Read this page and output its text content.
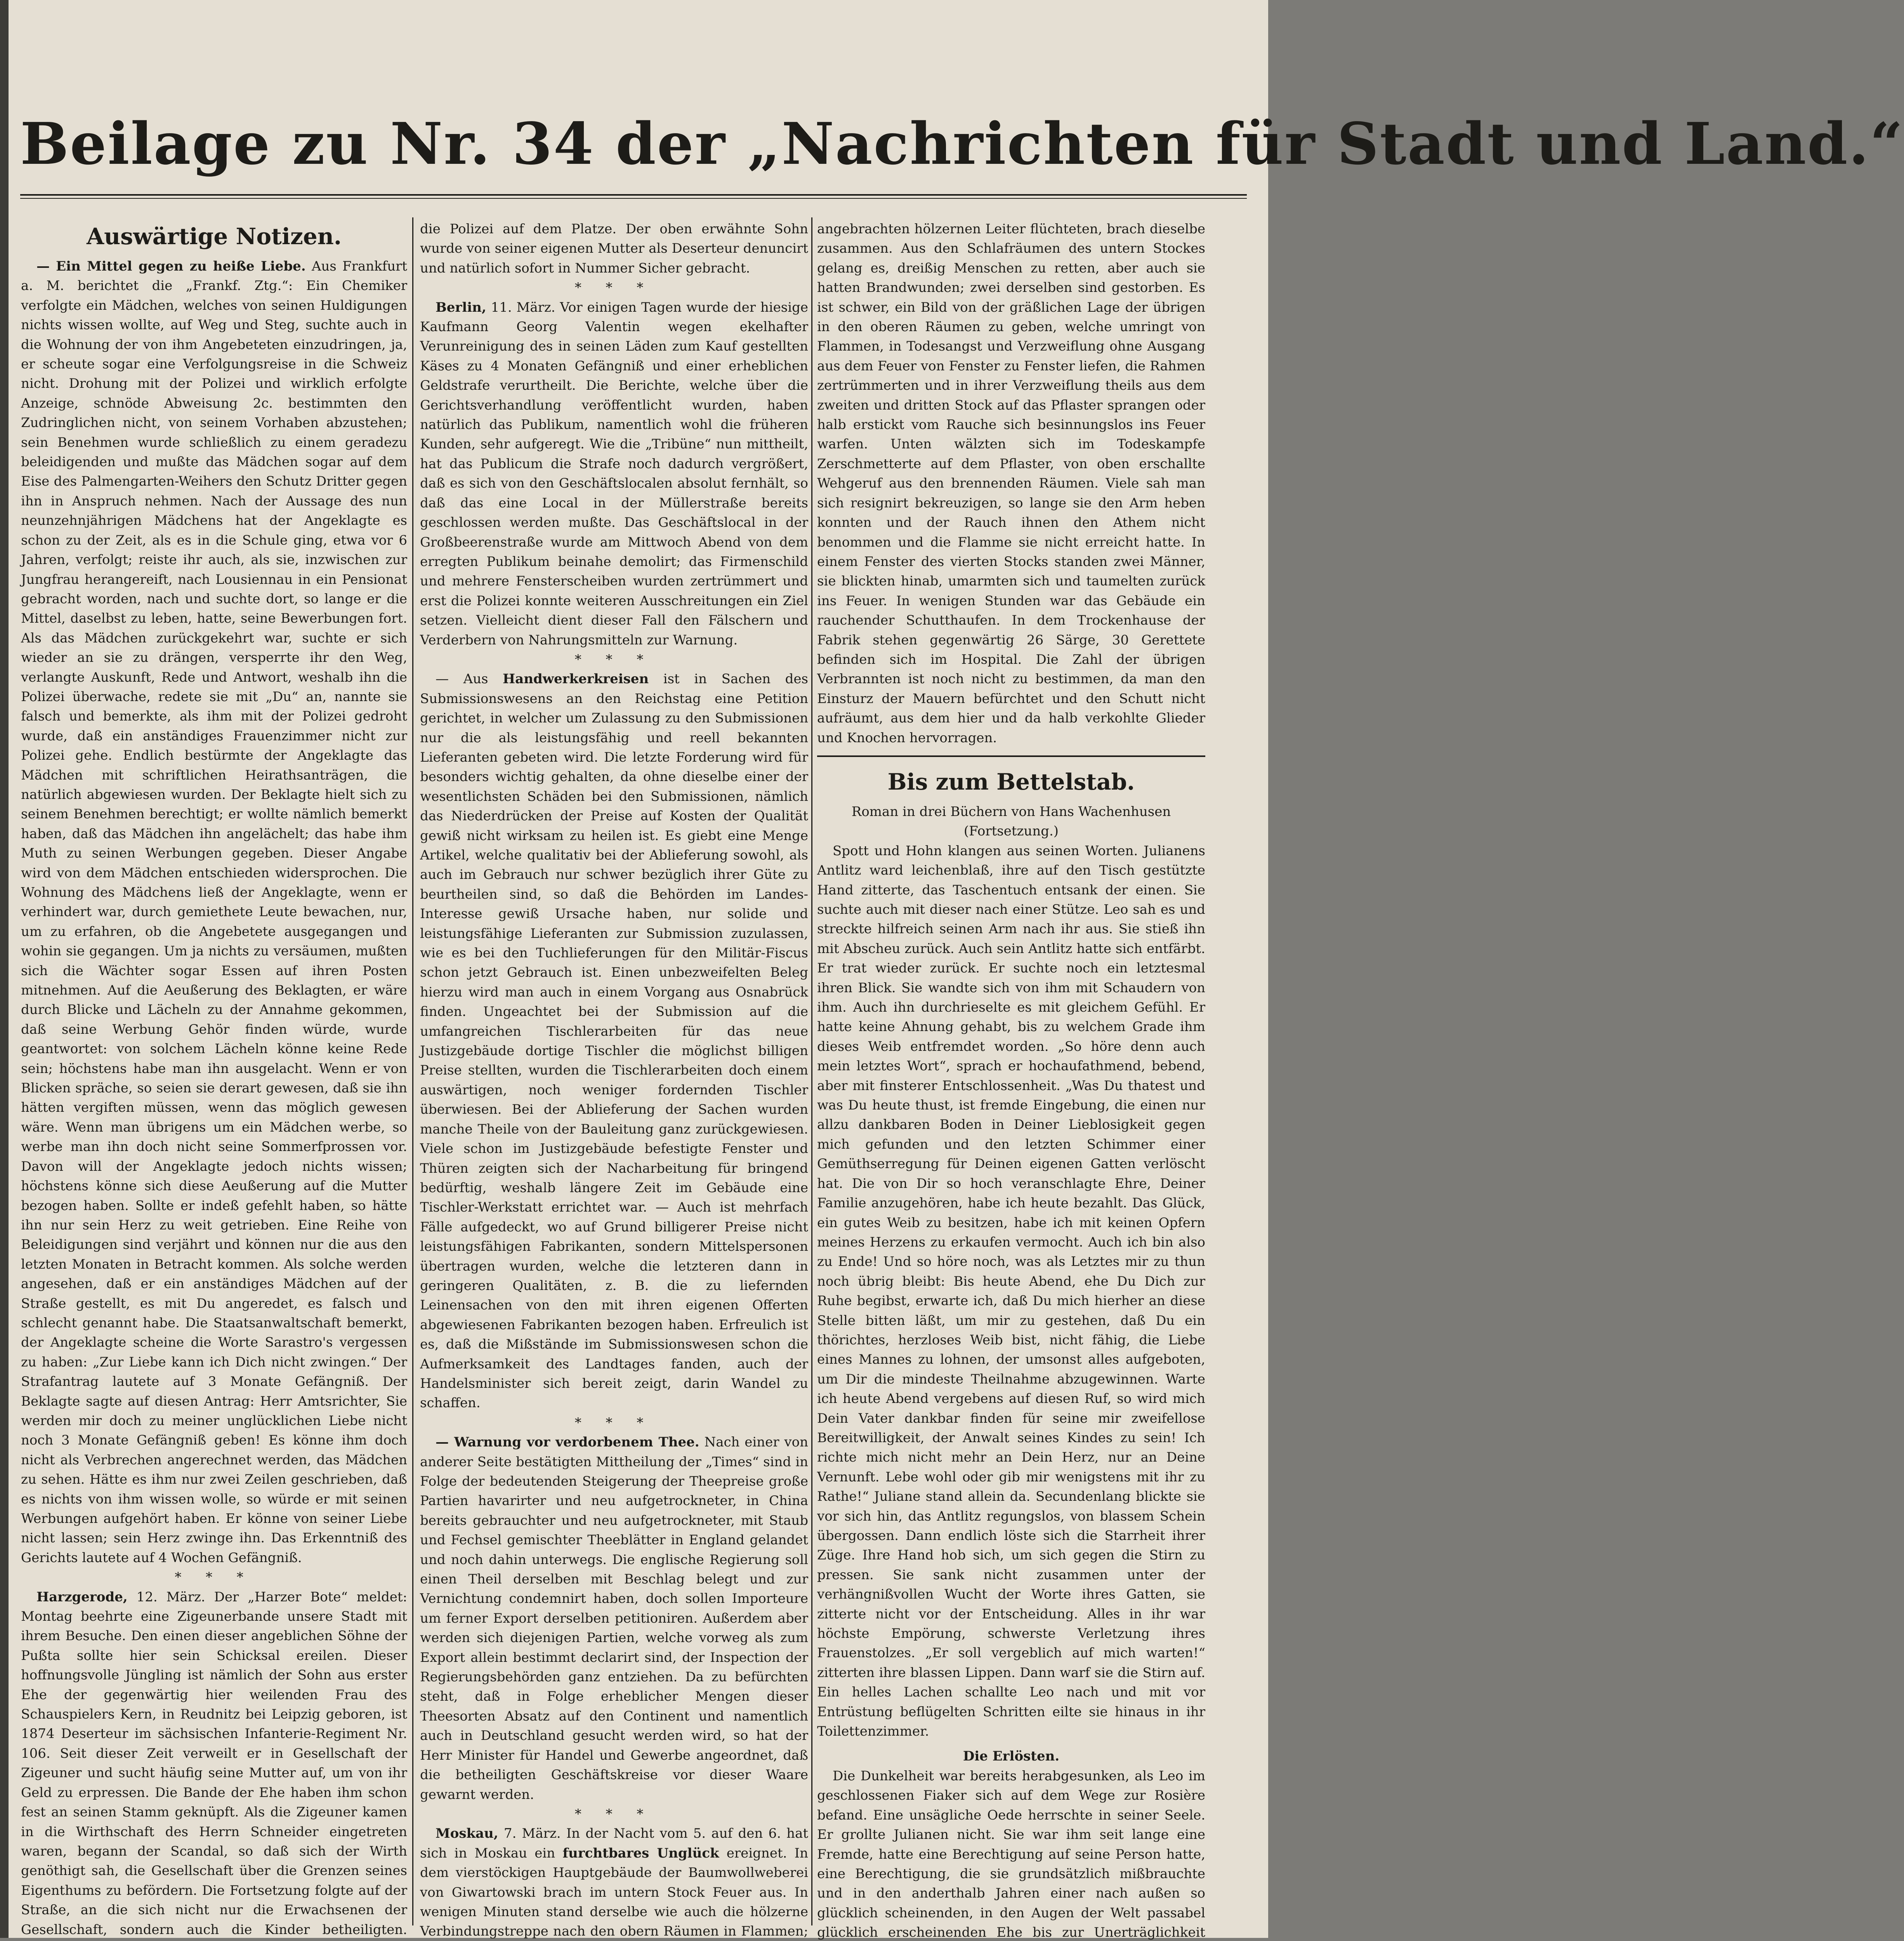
Beilage zu Nr. 34 der „Nachrichten für Stadt und Land.“
Auswärtige Notizen.

— Ein Mittel gegen zu heiße Liebe. Aus Frankfurt a. M. berichtet die „Frankf. Ztg.“: Ein Chemiker verfolgte ein Mädchen, welches von seinen Huldigungen nichts wissen wollte, auf Weg und Steg, suchte auch in die Wohnung der von ihm Angebeteten einzudringen, ja, er scheute sogar eine Verfolgungsreise in die Schweiz nicht. Drohung mit der Polizei und wirklich erfolgte Anzeige, schnöde Abweisung 2c. bestimmten den Zudringlichen nicht, von seinem Vorhaben abzustehen; sein Benehmen wurde schließlich zu einem geradezu beleidigenden und mußte das Mädchen sogar auf dem Eise des Palmengarten-Weihers den Schutz Dritter gegen ihn in Anspruch nehmen. Nach der Aussage des nun neunzehnjährigen Mädchens hat der Angeklagte es schon zu der Zeit, als es in die Schule ging, etwa vor 6 Jahren, verfolgt; reiste ihr auch, als sie, inzwischen zur Jungfrau herangereift, nach Lousiennau in ein Pensionat gebracht worden, nach und suchte dort, so lange er die Mittel, daselbst zu leben, hatte, seine Bewerbungen fort. Als das Mädchen zurückgekehrt war, suchte er sich wieder an sie zu drängen, versperrte ihr den Weg, verlangte Auskunft, Rede und Antwort, weshalb ihn die Polizei überwache, redete sie mit „Du“ an, nannte sie falsch und bemerkte, als ihm mit der Polizei gedroht wurde, daß ein anständiges Frauenzimmer nicht zur Polizei gehe. Endlich bestürmte der Angeklagte das Mädchen mit schriftlichen Heirathsanträgen, die natürlich abgewiesen wurden. Der Beklagte hielt sich zu seinem Benehmen berechtigt; er wollte nämlich bemerkt haben, daß das Mädchen ihn angelächelt; das habe ihm Muth zu seinen Werbungen gegeben. Dieser Angabe wird von dem Mädchen entschieden widersprochen. Die Wohnung des Mädchens ließ der Angeklagte, wenn er verhindert war, durch gemiethete Leute bewachen, nur, um zu erfahren, ob die Angebetete ausgegangen und wohin sie gegangen. Um ja nichts zu versäumen, mußten sich die Wächter sogar Essen auf ihren Posten mitnehmen. Auf die Aeußerung des Beklagten, er wäre durch Blicke und Lächeln zu der Annahme gekommen, daß seine Werbung Gehör finden würde, wurde geantwortet: von solchem Lächeln könne keine Rede sein; höchstens habe man ihn ausgelacht. Wenn er von Blicken spräche, so seien sie derart gewesen, daß sie ihn hätten vergiften müssen, wenn das möglich gewesen wäre. Wenn man übrigens um ein Mädchen werbe, so werbe man ihn doch nicht seine Sommerfprossen vor. Davon will der Angeklagte jedoch nichts wissen; höchstens könne sich diese Aeußerung auf die Mutter bezogen haben. Sollte er indeß gefehlt haben, so hätte ihn nur sein Herz zu weit getrieben. Eine Reihe von Beleidigungen sind verjährt und können nur die aus den letzten Monaten in Betracht kommen. Als solche werden angesehen, daß er ein anständiges Mädchen auf der Straße gestellt, es mit Du angeredet, es falsch und schlecht genannt habe. Die Staatsanwaltschaft bemerkt, der Angeklagte scheine die Worte Sarastro's vergessen zu haben: „Zur Liebe kann ich Dich nicht zwingen.“ Der Strafantrag lautete auf 3 Monate Gefängniß. Der Beklagte sagte auf diesen Antrag: Herr Amtsrichter, Sie werden mir doch zu meiner unglücklichen Liebe nicht noch 3 Monate Gefängniß geben! Es könne ihm doch nicht als Verbrechen angerechnet werden, das Mädchen zu sehen. Hätte es ihm nur zwei Zeilen geschrieben, daß es nichts von ihm wissen wolle, so würde er mit seinen Werbungen aufgehört haben. Er könne von seiner Liebe nicht lassen; sein Herz zwinge ihn. Das Erkenntniß des Gerichts lautete auf 4 Wochen Gefängniß.

* * *

Harzgerode, 12. März. Der „Harzer Bote“ meldet: Montag beehrte eine Zigeunerbande unsere Stadt mit ihrem Besuche. Den einen dieser angeblichen Söhne der Pußta sollte hier sein Schicksal ereilen. Dieser hoffnungsvolle Jüngling ist nämlich der Sohn aus erster Ehe der gegenwärtig hier weilenden Frau des Schauspielers Kern, in Reudnitz bei Leipzig geboren, ist 1874 Deserteur im sächsischen Infanterie-Regiment Nr. 106. Seit dieser Zeit verweilt er in Gesellschaft der Zigeuner und sucht häufig seine Mutter auf, um von ihr Geld zu erpressen. Die Bande der Ehe haben ihm schon fest an seinen Stamm geknüpft. Als die Zigeuner kamen in die Wirthschaft des Herrn Schneider eingetreten waren, begann der Scandal, so daß sich der Wirth genöthigt sah, die Gesellschaft über die Grenzen seines Eigenthums zu befördern. Die Fortsetzung folgte auf der Straße, an die sich nicht nur die Erwachsenen der Gesellschaft, sondern auch die Kinder betheiligten.

die Polizei auf dem Platze. Der oben erwähnte Sohn wurde von seiner eigenen Mutter als Deserteur denuncirt und natürlich sofort in Nummer Sicher gebracht.

* * *

Berlin, 11. März. Vor einigen Tagen wurde der hiesige Kaufmann Georg Valentin wegen ekelhafter Verunreinigung des in seinen Läden zum Kauf gestellten Käses zu 4 Monaten Gefängniß und einer erheblichen Geldstrafe verurtheilt. Die Berichte, welche über die Gerichtsverhandlung veröffentlicht wurden, haben natürlich das Publikum, namentlich wohl die früheren Kunden, sehr aufgeregt. Wie die „Tribüne“ nun mittheilt, hat das Publicum die Strafe noch dadurch vergrößert, daß es sich von den Geschäftslocalen absolut fernhält, so daß das eine Local in der Müllerstraße bereits geschlossen werden mußte. Das Geschäftslocal in der Großbeerenstraße wurde am Mittwoch Abend von dem erregten Publikum beinahe demolirt; das Firmenschild und mehrere Fensterscheiben wurden zertrümmert und erst die Polizei konnte weiteren Ausschreitungen ein Ziel setzen. Vielleicht dient dieser Fall den Fälschern und Verderbern von Nahrungsmitteln zur Warnung.

* * *

— Aus Handwerkerkreisen ist in Sachen des Submissionswesens an den Reichstag eine Petition gerichtet, in welcher um Zulassung zu den Submissionen nur die als leistungsfähig und reell bekannten Lieferanten gebeten wird. Die letzte Forderung wird für besonders wichtig gehalten, da ohne dieselbe einer der wesentlichsten Schäden bei den Submissionen, nämlich das Niederdrücken der Preise auf Kosten der Qualität gewiß nicht wirksam zu heilen ist. Es giebt eine Menge Artikel, welche qualitativ bei der Ablieferung sowohl, als auch im Gebrauch nur schwer bezüglich ihrer Güte zu beurtheilen sind, so daß die Behörden im Landes-Interesse gewiß Ursache haben, nur solide und leistungsfähige Lieferanten zur Submission zuzulassen, wie es bei den Tuchlieferungen für den Militär-Fiscus schon jetzt Gebrauch ist. Einen unbezweifelten Beleg hierzu wird man auch in einem Vorgang aus Osnabrück finden. Ungeachtet bei der Submission auf die umfangreichen Tischlerarbeiten für das neue Justizgebäude dortige Tischler die möglichst billigen Preise stellten, wurden die Tischlerarbeiten doch einem auswärtigen, noch weniger fordernden Tischler überwiesen. Bei der Ablieferung der Sachen wurden manche Theile von der Bauleitung ganz zurückgewiesen. Viele schon im Justizgebäude befestigte Fenster und Thüren zeigten sich der Nacharbeitung für bringend bedürftig, weshalb längere Zeit im Gebäude eine Tischler-Werkstatt errichtet war. — Auch ist mehrfach Fälle aufgedeckt, wo auf Grund billigerer Preise nicht leistungsfähigen Fabrikanten, sondern Mittelspersonen übertragen wurden, welche die letzteren dann in geringeren Qualitäten, z. B. die zu liefernden Leinensachen von den mit ihren eigenen Offerten abgewiesenen Fabrikanten bezogen haben. Erfreulich ist es, daß die Mißstände im Submissionswesen schon die Aufmerksamkeit des Landtages fanden, auch der Handelsminister sich bereit zeigt, darin Wandel zu schaffen.

* * *

— Warnung vor verdorbenem Thee. Nach einer von anderer Seite bestätigten Mittheilung der „Times“ sind in Folge der bedeutenden Steigerung der Theepreise große Partien havarirter und neu aufgetrockneter, in China bereits gebrauchter und neu aufgetrockneter, mit Staub und Fechsel gemischter Theeblätter in England gelandet und noch dahin unterwegs. Die englische Regierung soll einen Theil derselben mit Beschlag belegt und zur Vernichtung condemnirt haben, doch sollen Importeure um ferner Export derselben petitioniren. Außerdem aber werden sich diejenigen Partien, welche vorweg als zum Export allein bestimmt declarirt sind, der Inspection der Regierungsbehörden ganz entziehen. Da zu befürchten steht, daß in Folge erheblicher Mengen dieser Theesorten Absatz auf den Continent und namentlich auch in Deutschland gesucht werden wird, so hat der Herr Minister für Handel und Gewerbe angeordnet, daß die betheiligten Geschäftskreise vor dieser Waare gewarnt werden.

* * *

Moskau, 7. März. In der Nacht vom 5. auf den 6. hat sich in Moskau ein furchtbares Unglück ereignet. In dem vierstöckigen Hauptgebäude der Baumwollweberei von Giwartowski brach im untern Stock Feuer aus. In wenigen Minuten stand derselbe wie auch die hölzerne Verbindungstreppe nach den obern Räumen in Flammen;

angebrachten hölzernen Leiter flüchteten, brach dieselbe zusammen. Aus den Schlafräumen des untern Stockes gelang es, dreißig Menschen zu retten, aber auch sie hatten Brandwunden; zwei derselben sind gestorben. Es ist schwer, ein Bild von der gräßlichen Lage der übrigen in den oberen Räumen zu geben, welche umringt von Flammen, in Todesangst und Verzweiflung ohne Ausgang aus dem Feuer von Fenster zu Fenster liefen, die Rahmen zertrümmerten und in ihrer Verzweiflung theils aus dem zweiten und dritten Stock auf das Pflaster sprangen oder halb erstickt vom Rauche sich besinnungslos ins Feuer warfen. Unten wälzten sich im Todeskampfe Zerschmetterte auf dem Pflaster, von oben erschallte Wehgeruf aus den brennenden Räumen. Viele sah man sich resignirt bekreuzigen, so lange sie den Arm heben konnten und der Rauch ihnen den Athem nicht benommen und die Flamme sie nicht erreicht hatte. In einem Fenster des vierten Stocks standen zwei Männer, sie blickten hinab, umarmten sich und taumelten zurück ins Feuer. In wenigen Stunden war das Gebäude ein rauchender Schutthaufen. In dem Trockenhause der Fabrik stehen gegenwärtig 26 Särge, 30 Gerettete befinden sich im Hospital. Die Zahl der übrigen Verbrannten ist noch nicht zu bestimmen, da man den Einsturz der Mauern befürchtet und den Schutt nicht aufräumt, aus dem hier und da halb verkohlte Glieder und Knochen hervorragen.

Bis zum Bettelstab.

Roman in drei Büchern von Hans Wachenhusen

(Fortsetzung.)

Spott und Hohn klangen aus seinen Worten. Julianens Antlitz ward leichenblaß, ihre auf den Tisch gestützte Hand zitterte, das Taschentuch entsank der einen. Sie suchte auch mit dieser nach einer Stütze. Leo sah es und streckte hilfreich seinen Arm nach ihr aus. Sie stieß ihn mit Abscheu zurück. Auch sein Antlitz hatte sich entfärbt. Er trat wieder zurück. Er suchte noch ein letztesmal ihren Blick. Sie wandte sich von ihm mit Schaudern von ihm. Auch ihn durchrieselte es mit gleichem Gefühl. Er hatte keine Ahnung gehabt, bis zu welchem Grade ihm dieses Weib entfremdet worden. „So höre denn auch mein letztes Wort“, sprach er hochaufathmend, bebend, aber mit finsterer Entschlossenheit. „Was Du thatest und was Du heute thust, ist fremde Eingebung, die einen nur allzu dankbaren Boden in Deiner Lieblosigkeit gegen mich gefunden und den letzten Schimmer einer Gemüthserregung für Deinen eigenen Gatten verlöscht hat. Die von Dir so hoch veranschlagte Ehre, Deiner Familie anzugehören, habe ich heute bezahlt. Das Glück, ein gutes Weib zu besitzen, habe ich mit keinen Opfern meines Herzens zu erkaufen vermocht. Auch ich bin also zu Ende! Und so höre noch, was als Letztes mir zu thun noch übrig bleibt: Bis heute Abend, ehe Du Dich zur Ruhe begibst, erwarte ich, daß Du mich hierher an diese Stelle bitten läßt, um mir zu gestehen, daß Du ein thörichtes, herzloses Weib bist, nicht fähig, die Liebe eines Mannes zu lohnen, der umsonst alles aufgeboten, um Dir die mindeste Theilnahme abzugewinnen. Warte ich heute Abend vergebens auf diesen Ruf, so wird mich Dein Vater dankbar finden für seine mir zweifellose Bereitwilligkeit, der Anwalt seines Kindes zu sein! Ich richte mich nicht mehr an Dein Herz, nur an Deine Vernunft. Lebe wohl oder gib mir wenigstens mit ihr zu Rathe!“ Juliane stand allein da. Secundenlang blickte sie vor sich hin, das Antlitz regungslos, von blassem Schein übergossen. Dann endlich löste sich die Starrheit ihrer Züge. Ihre Hand hob sich, um sich gegen die Stirn zu pressen. Sie sank nicht zusammen unter der verhängnißvollen Wucht der Worte ihres Gatten, sie zitterte nicht vor der Entscheidung. Alles in ihr war höchste Empörung, schwerste Verletzung ihres Frauenstolzes. „Er soll vergeblich auf mich warten!“ zitterten ihre blassen Lippen. Dann warf sie die Stirn auf. Ein helles Lachen schallte Leo nach und mit vor Entrüstung beflügelten Schritten eilte sie hinaus in ihr Toilettenzimmer.

Die Erlösten.

Die Dunkelheit war bereits herabgesunken, als Leo im geschlossenen Fiaker sich auf dem Wege zur Rosière befand. Eine unsägliche Oede herrschte in seiner Seele. Er grollte Julianen nicht. Sie war ihm seit lange eine Fremde, hatte eine Berechtigung auf seine Person hatte, eine Berechtigung, die sie grundsätzlich mißbrauchte und in den anderthalb Jahren einer nach außen so glücklich scheinenden, in den Augen der Welt passabel glücklich erscheinenden Ehe bis zur Unerträglichkeit
